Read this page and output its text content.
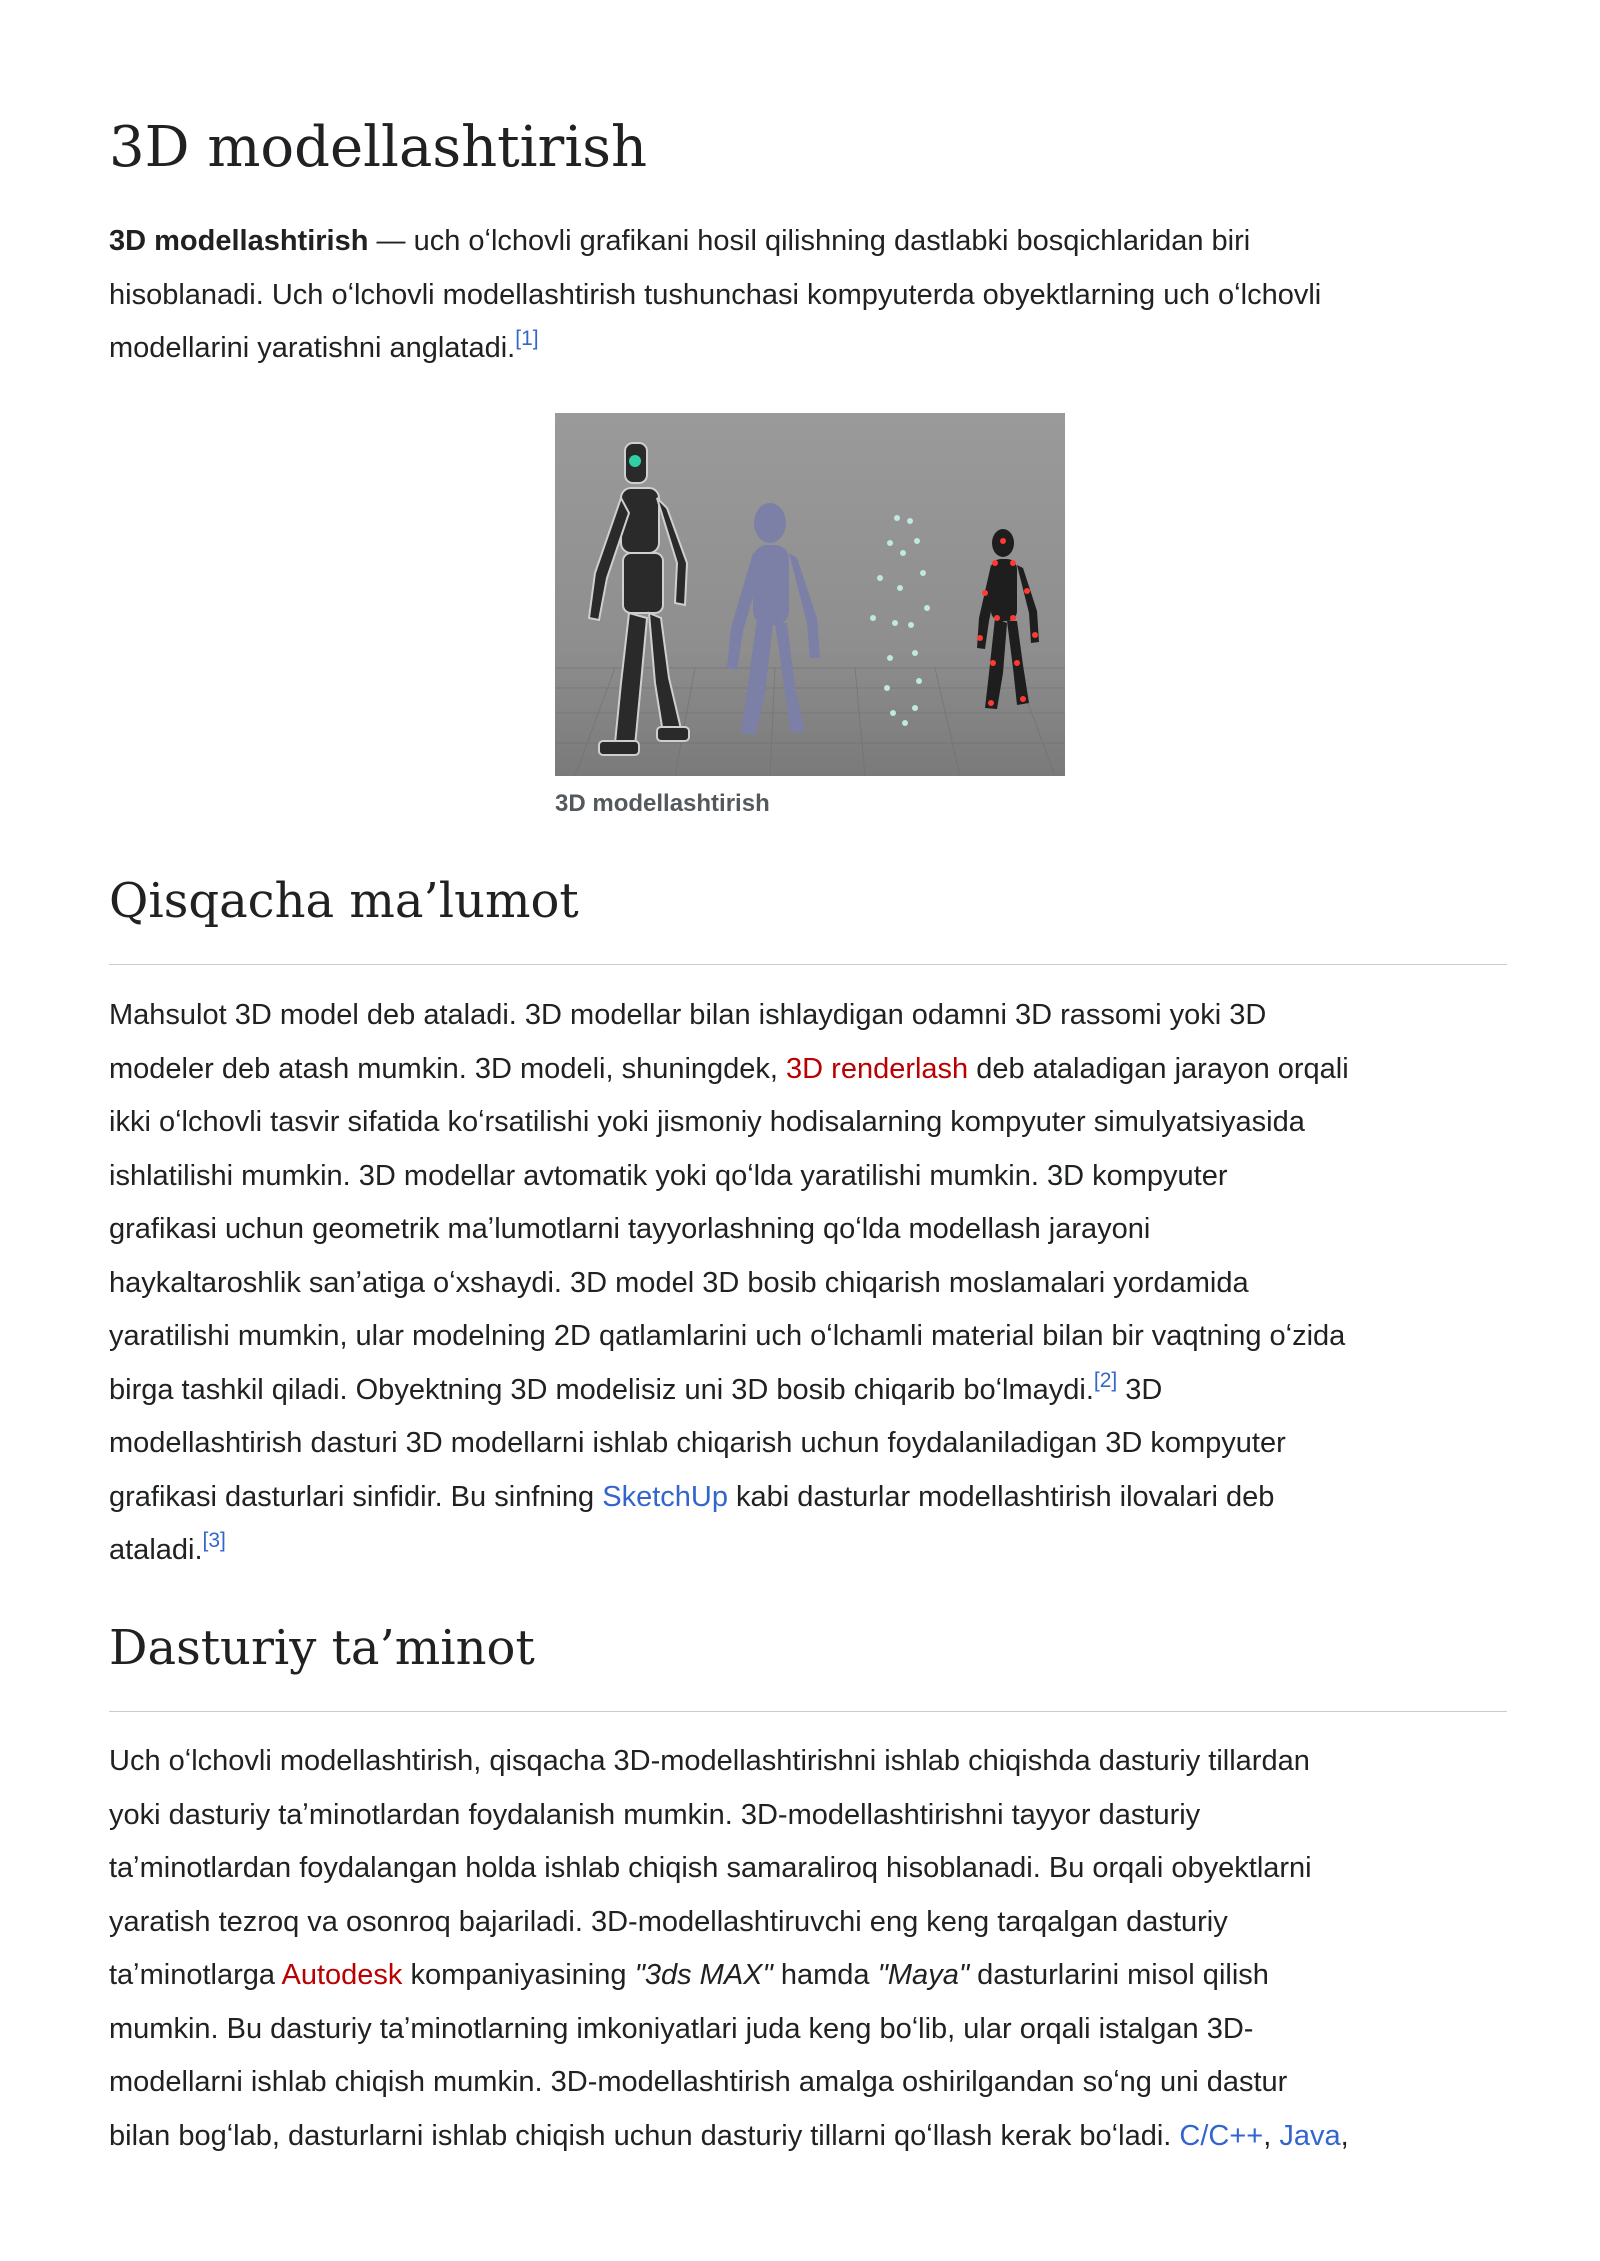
3D modellashtirish

3D modellashtirish — uch oʻlchovli grafikani hosil qilishning dastlabki bosqichlaridan biri
hisoblanadi. Uch oʻlchovli modellashtirish tushunchasi kompyuterda obyektlarning uch oʻlchovli
modellarini yaratishni anglatadi.[1]

3D modellashtirish
Qisqacha ma’lumot

Mahsulot 3D model deb ataladi. 3D modellar bilan ishlaydigan odamni 3D rassomi yoki 3D
modeler deb atash mumkin. 3D modeli, shuningdek, 3D renderlash deb ataladigan jarayon orqali
ikki oʻlchovli tasvir sifatida koʻrsatilishi yoki jismoniy hodisalarning kompyuter simulyatsiyasida
ishlatilishi mumkin. 3D modellar avtomatik yoki qoʻlda yaratilishi mumkin. 3D kompyuter
grafikasi uchun geometrik maʼlumotlarni tayyorlashning qoʻlda modellash jarayoni
haykaltaroshlik sanʼatiga oʻxshaydi. 3D model 3D bosib chiqarish moslamalari yordamida
yaratilishi mumkin, ular modelning 2D qatlamlarini uch oʻlchamli material bilan bir vaqtning oʻzida
birga tashkil qiladi. Obyektning 3D modelisiz uni 3D bosib chiqarib boʻlmaydi.[2] 3D
modellashtirish dasturi 3D modellarni ishlab chiqarish uchun foydalaniladigan 3D kompyuter
grafikasi dasturlari sinfidir. Bu sinfning SketchUp kabi dasturlar modellashtirish ilovalari deb
ataladi.[3]

Dasturiy ta’minot

Uch oʻlchovli modellashtirish, qisqacha 3D-modellashtirishni ishlab chiqishda dasturiy tillardan
yoki dasturiy taʼminotlardan foydalanish mumkin. 3D-modellashtirishni tayyor dasturiy
taʼminotlardan foydalangan holda ishlab chiqish samaraliroq hisoblanadi. Bu orqali obyektlarni
yaratish tezroq va osonroq bajariladi. 3D-modellashtiruvchi eng keng tarqalgan dasturiy
taʼminotlarga Autodesk kompaniyasining "3ds MAX" hamda "Maya" dasturlarini misol qilish
mumkin. Bu dasturiy taʼminotlarning imkoniyatlari juda keng boʻlib, ular orqali istalgan 3D-
modellarni ishlab chiqish mumkin. 3D-modellashtirish amalga oshirilgandan soʻng uni dastur
bilan bogʻlab, dasturlarni ishlab chiqish uchun dasturiy tillarni qoʻllash kerak boʻladi. C/C++, Java,
